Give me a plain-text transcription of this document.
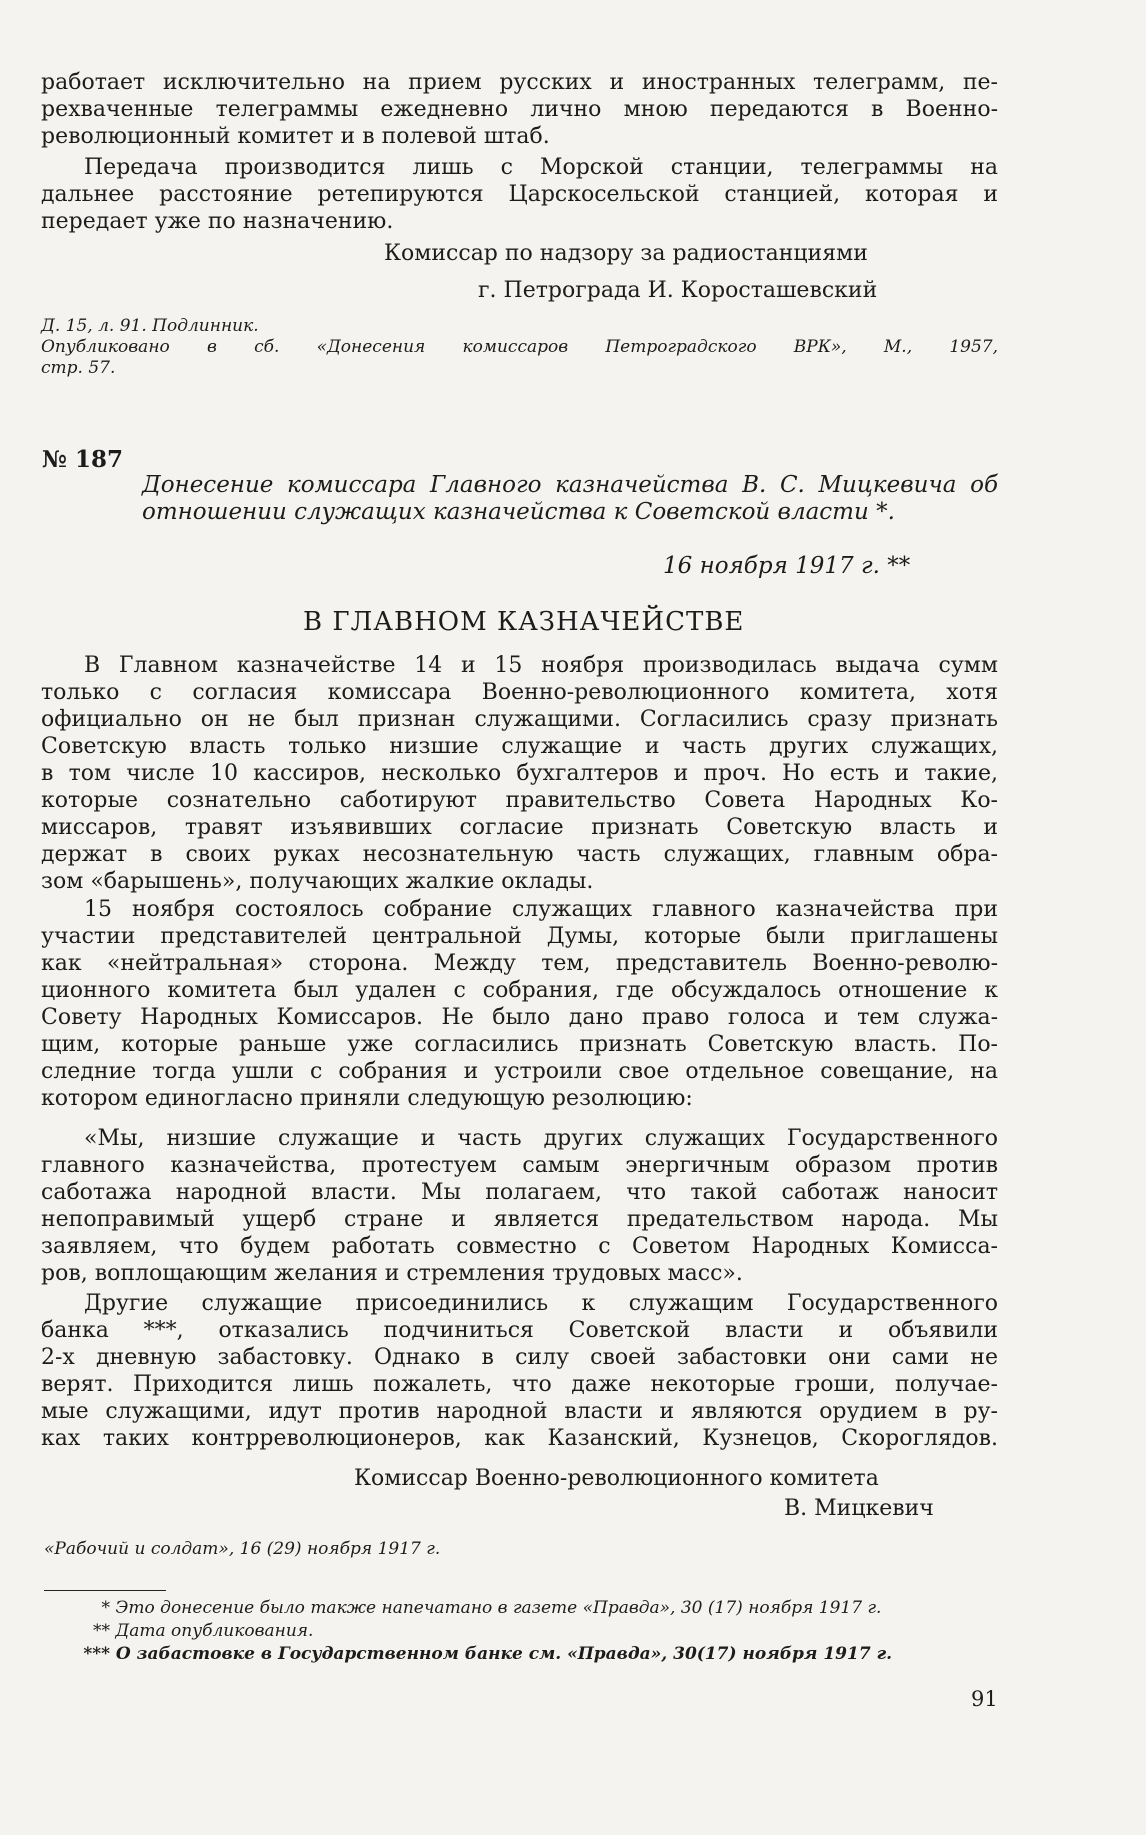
работает исключительно на прием русских и иностранных телеграмм, пе-
рехваченные телеграммы ежедневно лично мною передаются в Военно-
революционный комитет и в полевой штаб.
Передача производится лишь с Морской станции, телеграммы на
дальнее расстояние ретепируются Царскосельской станцией, которая и
передает уже по назначению.
Комиссар по надзору за радиостанциями
г. Петрограда И. Коросташевский
Д. 15, л. 91. Подлинник.
Опубликовано в сб. «Донесения комиссаров Петроградского ВРК», М., 1957,
стр. 57.
№ 187
Донесение комиссара Главного казначейства В. С. Мицкевича об
отношении служащих казначейства к Советской власти *.
16 ноября 1917 г. **
В ГЛАВНОМ КАЗНАЧЕЙСТВЕ
В Главном казначействе 14 и 15 ноября производилась выдача сумм
только с согласия комиссара Военно-революционного комитета, хотя
официально он не был признан служащими. Согласились сразу признать
Советскую власть только низшие служащие и часть других служащих,
в том числе 10 кассиров, несколько бухгалтеров и проч. Но есть и такие,
которые сознательно саботируют правительство Совета Народных Ко-
миссаров, травят изъявивших согласие признать Советскую власть и
держат в своих руках несознательную часть служащих, главным обра-
зом «барышень», получающих жалкие оклады.
15 ноября состоялось собрание служащих главного казначейства при
участии представителей центральной Думы, которые были приглашены
как «нейтральная» сторона. Между тем, представитель Военно-револю-
ционного комитета был удален с собрания, где обсуждалось отношение к
Совету Народных Комиссаров. Не было дано право голоса и тем служа-
щим, которые раньше уже согласились признать Советскую власть. По-
следние тогда ушли с собрания и устроили свое отдельное совещание, на
котором единогласно приняли следующую резолюцию:
«Мы, низшие служащие и часть других служащих Государственного
главного казначейства, протестуем самым энергичным образом против
саботажа народной власти. Мы полагаем, что такой саботаж наносит
непоправимый ущерб стране и является предательством народа. Мы
заявляем, что будем работать совместно с Советом Народных Комисса-
ров, воплощающим желания и стремления трудовых масс».
Другие служащие присоединились к служащим Государственного
банка ***, отказались подчиниться Советской власти и объявили
2-х дневную забастовку. Однако в силу своей забастовки они сами не
верят. Приходится лишь пожалеть, что даже некоторые гроши, получае-
мые служащими, идут против народной власти и являются орудием в ру-
ках таких контрреволюционеров, как Казанский, Кузнецов, Скороглядов.
Комиссар Военно-революционного комитета
В. Мицкевич
«Рабочий и солдат», 16 (29) ноября 1917 г.
* Это донесение было также напечатано в газете «Правда», 30 (17) ноября 1917 г.
** Дата опубликования.
*** О забастовке в Государственном банке см. «Правда», 30(17) ноября 1917 г.
91
